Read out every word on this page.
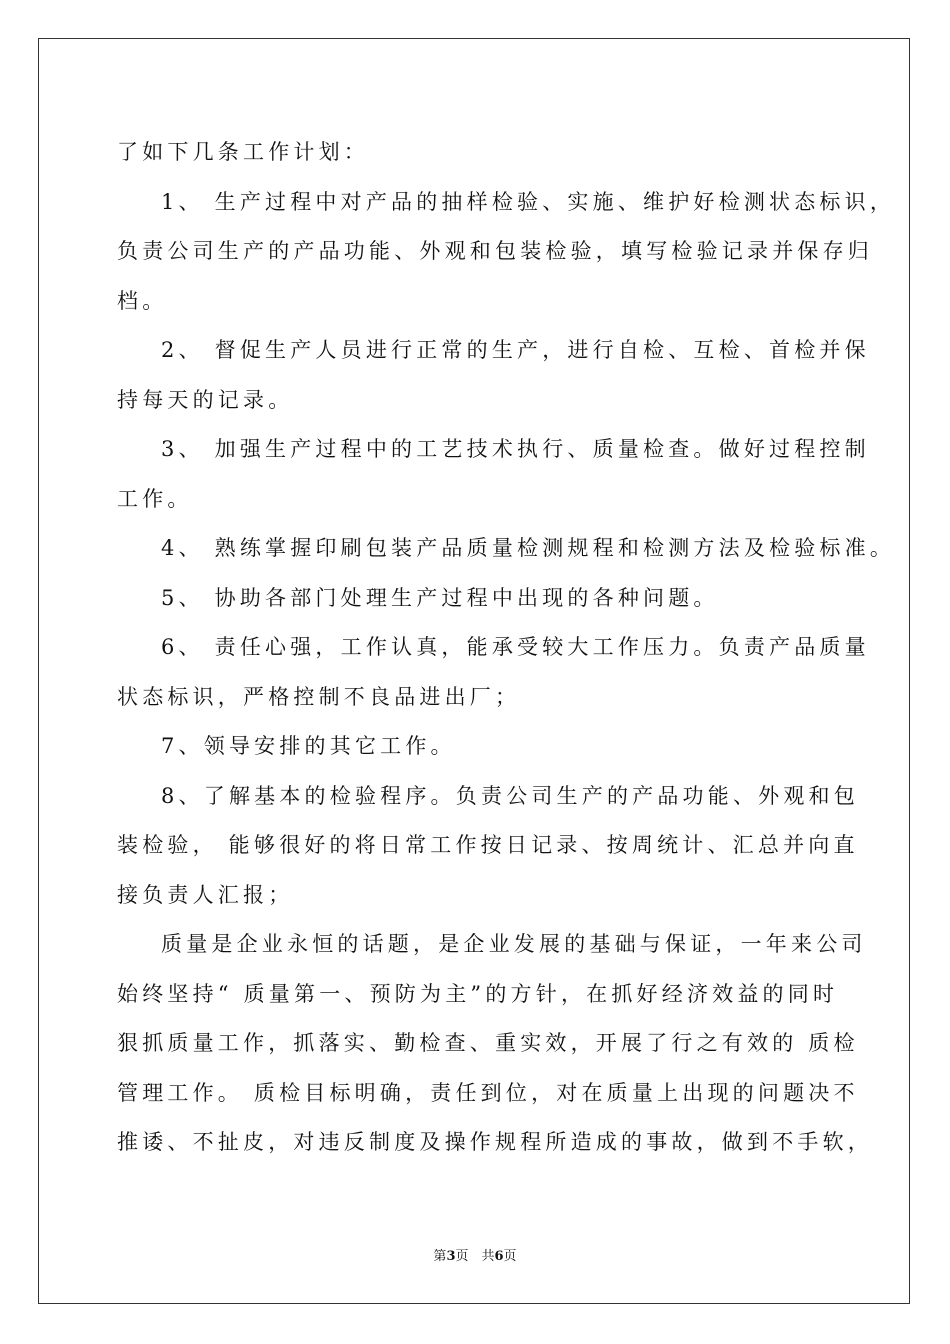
了如下几条工作计划：
1、 生产过程中对产品的抽样检验、实施、维护好检测状态标识，
负责公司生产的产品功能、外观和包装检验，填写检验记录并保存归
档。
2、 督促生产人员进行正常的生产，进行自检、互检、首检并保
持每天的记录。
3、 加强生产过程中的工艺技术执行、质量检查。做好过程控制
工作。
4、 熟练掌握印刷包装产品质量检测规程和检测方法及检验标准。
5、 协助各部门处理生产过程中出现的各种问题。
6、 责任心强，工作认真，能承受较大工作压力。负责产品质量
状态标识，严格控制不良品进出厂；
7、领导安排的其它工作。
8、了解基本的检验程序。负责公司生产的产品功能、外观和包
装检验， 能够很好的将日常工作按日记录、按周统计、汇总并向直
接负责人汇报；
质量是企业永恒的话题，是企业发展的基础与保证，一年来公司
始终坚持“ 质量第一、预防为主”的方针，在抓好经济效益的同时
狠抓质量工作，抓落实、勤检查、重实效，开展了行之有效的 质检
管理工作。 质检目标明确，责任到位，对在质量上出现的问题决不
推诿、不扯皮，对违反制度及操作规程所造成的事故，做到不手软，
第3页　共6页
